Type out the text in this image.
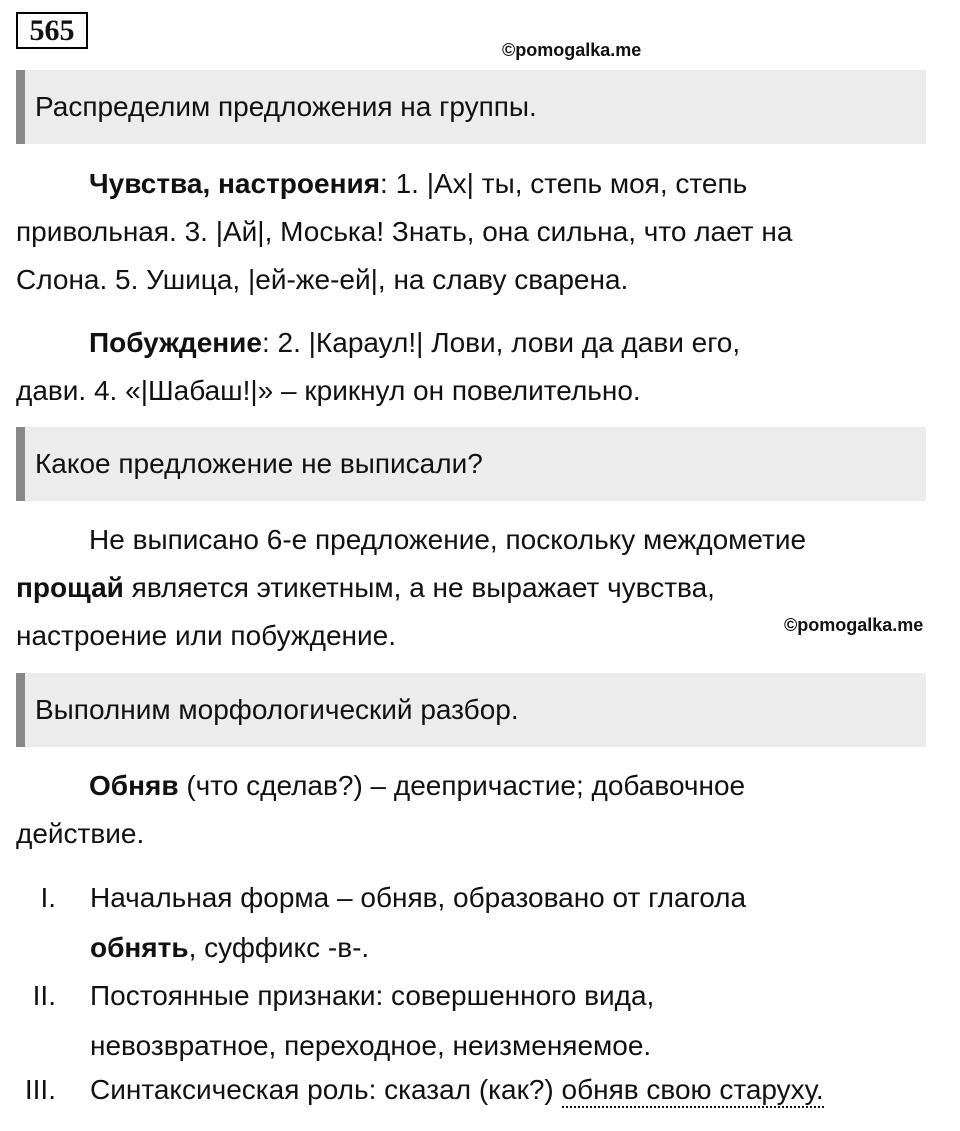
565
©pomogalka.me
Распределим предложения на группы.
Чувства, настроения: 1. |Ах| ты, степь моя, степь
привольная. 3. |Ай|, Моська! Знать, она сильна, что лает на
Слона. 5. Ушица, |ей-же-ей|, на славу сварена.
Побуждение: 2. |Караул!| Лови, лови да дави его,
дави. 4. «|Шабаш!|» – крикнул он повелительно.
Какое предложение не выписали?
Не выписано 6-е предложение, поскольку междометие
прощай является этикетным, а не выражает чувства,
настроение или побуждение.	©pomogalka.me
Выполним морфологический разбор.
Обняв (что сделав?) – деепричастие; добавочное
действие.
I. Начальная форма – обняв, образовано от глагола
обнять, суффикс -в-.
II. Постоянные признаки: совершенного вида,
невозвратное, переходное, неизменяемое.
III. Синтаксическая роль: сказал (как?) обняв свою старуху.
